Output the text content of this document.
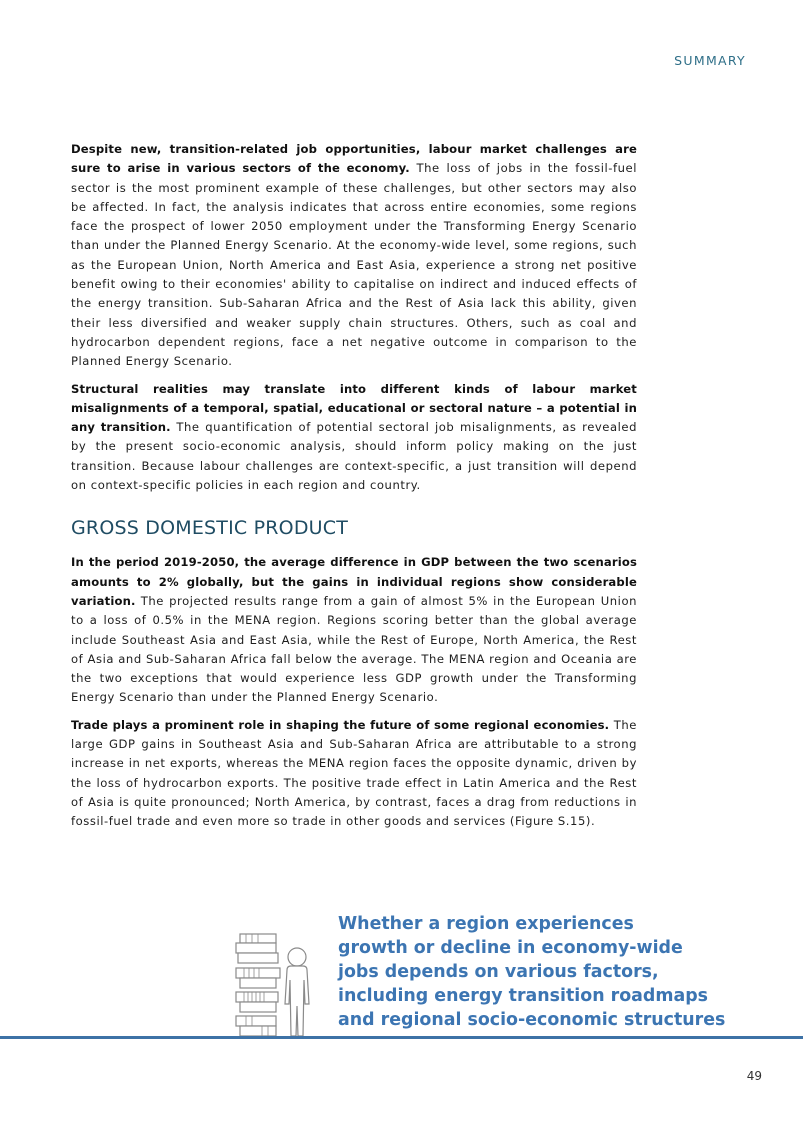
SUMMARY

Despite new, transition-related job opportunities, labour market challenges are sure to arise in various sectors of the economy. The loss of jobs in the fossil-fuel sector is the most prominent example of these challenges, but other sectors may also be affected. In fact, the analysis indicates that across entire economies, some regions face the prospect of lower 2050 employment under the Transforming Energy Scenario than under the Planned Energy Scenario. At the economy-wide level, some regions, such as the European Union, North America and East Asia, experience a strong net positive benefit owing to their economies' ability to capitalise on indirect and induced effects of the energy transition. Sub-Saharan Africa and the Rest of Asia lack this ability, given their less diversified and weaker supply chain structures. Others, such as coal and hydrocarbon dependent regions, face a net negative outcome in comparison to the Planned Energy Scenario.

Structural realities may translate into different kinds of labour market misalignments of a temporal, spatial, educational or sectoral nature – a potential in any transition. The quantification of potential sectoral job misalignments, as revealed by the present socio-economic analysis, should inform policy making on the just transition. Because labour challenges are context-specific, a just transition will depend on context-specific policies in each region and country.

GROSS DOMESTIC PRODUCT

In the period 2019-2050, the average difference in GDP between the two scenarios amounts to 2% globally, but the gains in individual regions show considerable variation. The projected results range from a gain of almost 5% in the European Union to a loss of 0.5% in the MENA region. Regions scoring better than the global average include Southeast Asia and East Asia, while the Rest of Europe, North America, the Rest of Asia and Sub-Saharan Africa fall below the average. The MENA region and Oceania are the two exceptions that would experience less GDP growth under the Transforming Energy Scenario than under the Planned Energy Scenario.

Trade plays a prominent role in shaping the future of some regional economies. The large GDP gains in Southeast Asia and Sub-Saharan Africa are attributable to a strong increase in net exports, whereas the MENA region faces the opposite dynamic, driven by the loss of hydrocarbon exports. The positive trade effect in Latin America and the Rest of Asia is quite pronounced; North America, by contrast, faces a drag from reductions in fossil-fuel trade and even more so trade in other goods and services (Figure S.15).

Whether a region experiences
growth or decline in economy-wide
jobs depends on various factors,
including energy transition roadmaps
and regional socio-economic structures
49
